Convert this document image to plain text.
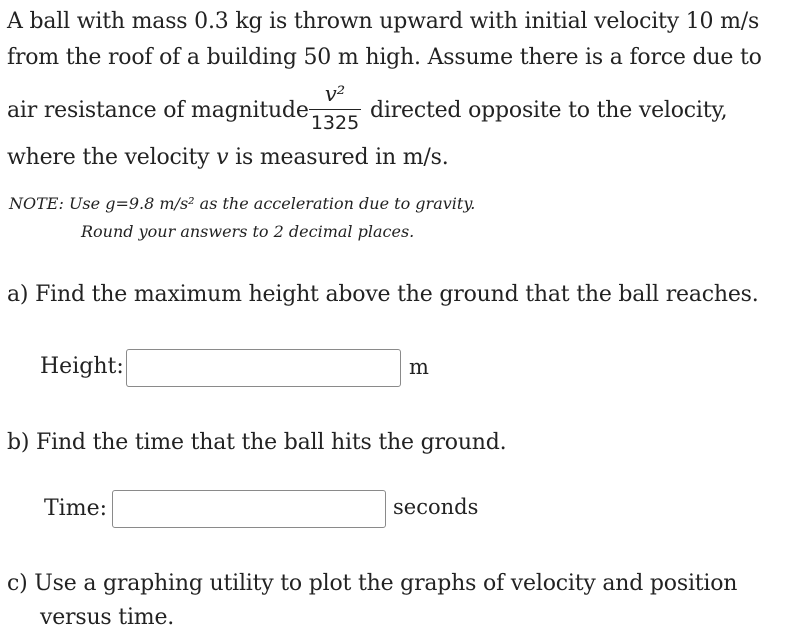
A ball with mass 0.3 kg is thrown upward with initial velocity 10 m/s
from the roof of a building 50 m high. Assume there is a force due to
air resistance of magnitude
v²
1325 directed opposite to the velocity,
where the velocity v is measured in m/s.
NOTE: Use g=9.8 m/s² as the acceleration due to gravity.
Round your answers to 2 decimal places.
a) Find the maximum height above the ground that the ball reaches.
Height:	m
b) Find the time that the ball hits the ground.
Time:	seconds
c) Use a graphing utility to plot the graphs of velocity and position
versus time.
